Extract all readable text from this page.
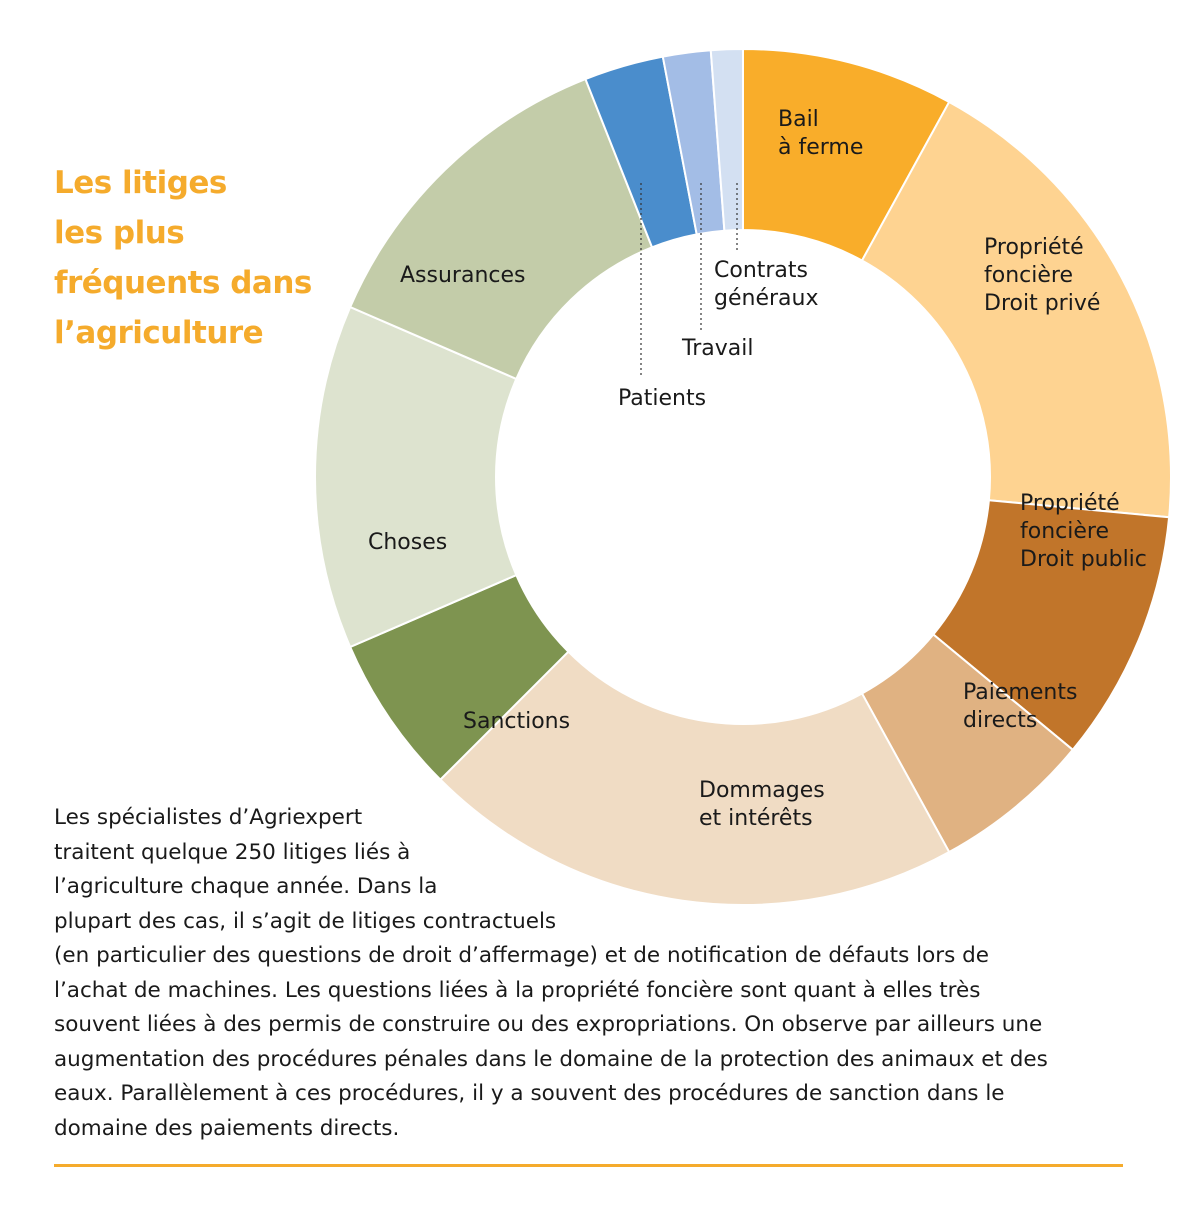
Les litiges
les plus
fréquents dans
l’agriculture
Bail à ferme
Propriété foncière Droit privé
Propriété foncière Droit public
Paiements directs
Dommages et intérêts
Sanctions
Choses
Assurances
Patients
Travail
Contrats généraux
Les spécialistes d’Agriexpert
traitent quelque 250 litiges liés à
l’agriculture chaque année. Dans la
plupart des cas, il s’agit de litiges contractuels
(en particulier des questions de droit d’affermage) et de notification de défauts lors de
l’achat de machines. Les questions liées à la propriété foncière sont quant à elles très
souvent liées à des permis de construire ou des expropriations. On observe par ailleurs une
augmentation des procédures pénales dans le domaine de la protection des animaux et des
eaux. Parallèlement à ces procédures, il y a souvent des procédures de sanction dans le
domaine des paiements directs.
